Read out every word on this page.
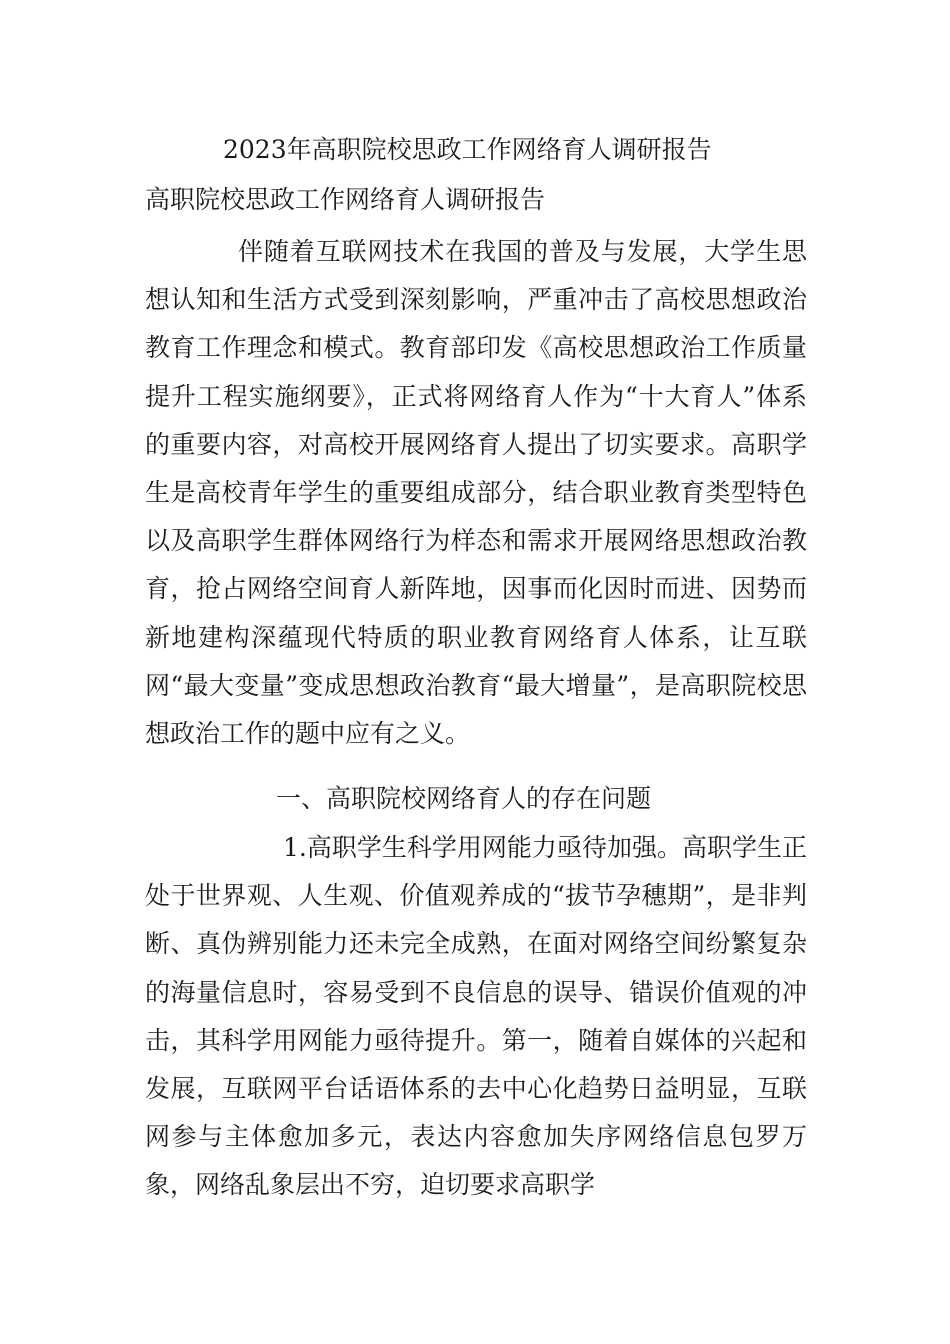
2023年高职院校思政工作网络育人调研报告
高职院校思政工作网络育人调研报告

伴随着互联网技术在我国的普及与发展，大学生思想认知和生活方式受到深刻影响，严重冲击了高校思想政治教育工作理念和模式。教育部印发《高校思想政治工作质量提升工程实施纲要》，正式将网络育人作为“十大育人”体系的重要内容，对高校开展网络育人提出了切实要求。高职学生是高校青年学生的重要组成部分，结合职业教育类型特色以及高职学生群体网络行为样态和需求开展网络思想政治教育，抢占网络空间育人新阵地，因事而化因时而进、因势而新地建构深蕴现代特质的职业教育网络育人体系，让互联网“最大变量”变成思想政治教育“最大增量”，是高职院校思想政治工作的题中应有之义。

一、高职院校网络育人的存在问题

1.高职学生科学用网能力亟待加强。高职学生正处于世界观、人生观、价值观养成的“拔节孕穗期”，是非判断、真伪辨别能力还未完全成熟，在面对网络空间纷繁复杂的海量信息时，容易受到不良信息的误导、错误价值观的冲击，其科学用网能力亟待提升。第一，随着自媒体的兴起和发展，互联网平台话语体系的去中心化趋势日益明显，互联网参与主体愈加多元，表达内容愈加失序网络信息包罗万象，网络乱象层出不穷，迫切要求高职学
